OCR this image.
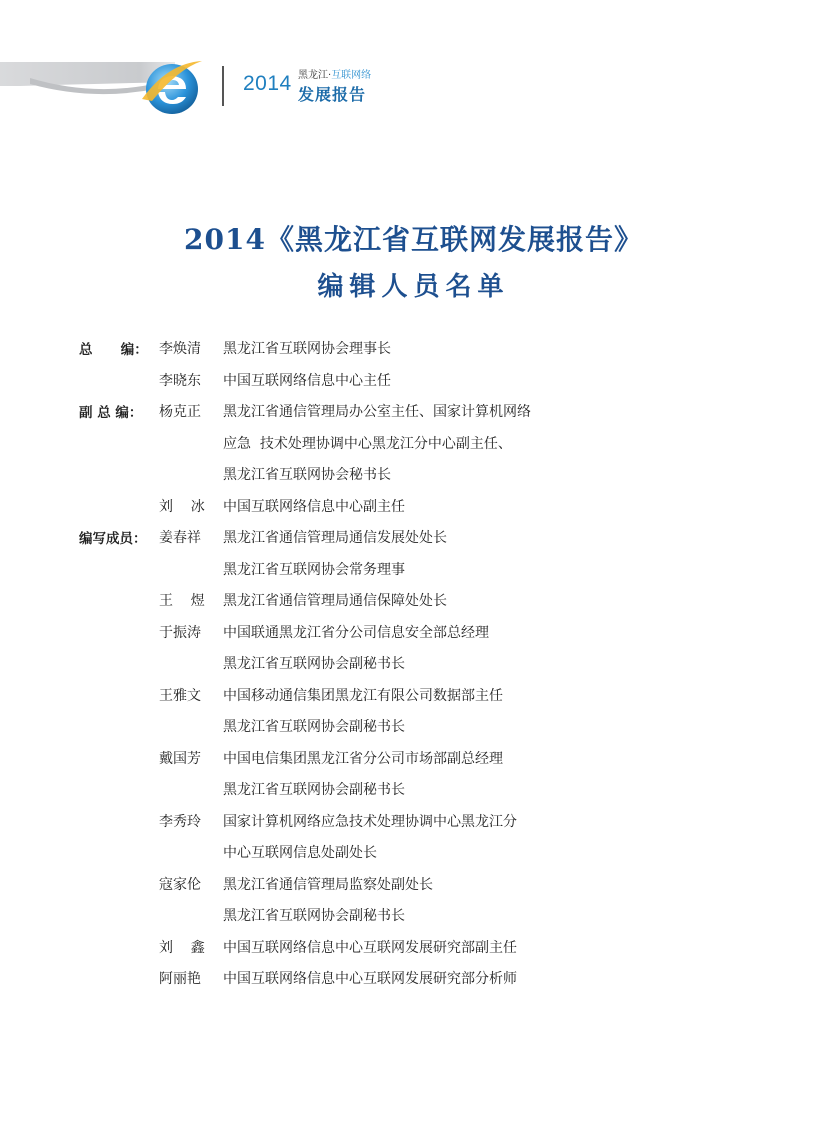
2014 黑龙江·互联网络
发展报告
2014《黑龙江省互联网发展报告》
编辑人员名单
总      编： 李焕清 黑龙江省互联网协会理事长
李晓东 中国互联网络信息中心主任
副 总 编： 杨克正 黑龙江省通信管理局办公室主任、国家计算机网络
应急  技术处理协调中心黑龙江分中心副主任、
黑龙江省互联网协会秘书长
刘    冰 中国互联网络信息中心副主任
编写成员： 姜春祥 黑龙江省通信管理局通信发展处处长
黑龙江省互联网协会常务理事
王    煜 黑龙江省通信管理局通信保障处处长
于振涛 中国联通黑龙江省分公司信息安全部总经理
黑龙江省互联网协会副秘书长
王雅文 中国移动通信集团黑龙江有限公司数据部主任
黑龙江省互联网协会副秘书长
戴国芳 中国电信集团黑龙江省分公司市场部副总经理
黑龙江省互联网协会副秘书长
李秀玲 国家计算机网络应急技术处理协调中心黑龙江分
中心互联网信息处副处长
寇家伦 黑龙江省通信管理局监察处副处长
黑龙江省互联网协会副秘书长
刘    鑫 中国互联网络信息中心互联网发展研究部副主任
阿丽艳 中国互联网络信息中心互联网发展研究部分析师
